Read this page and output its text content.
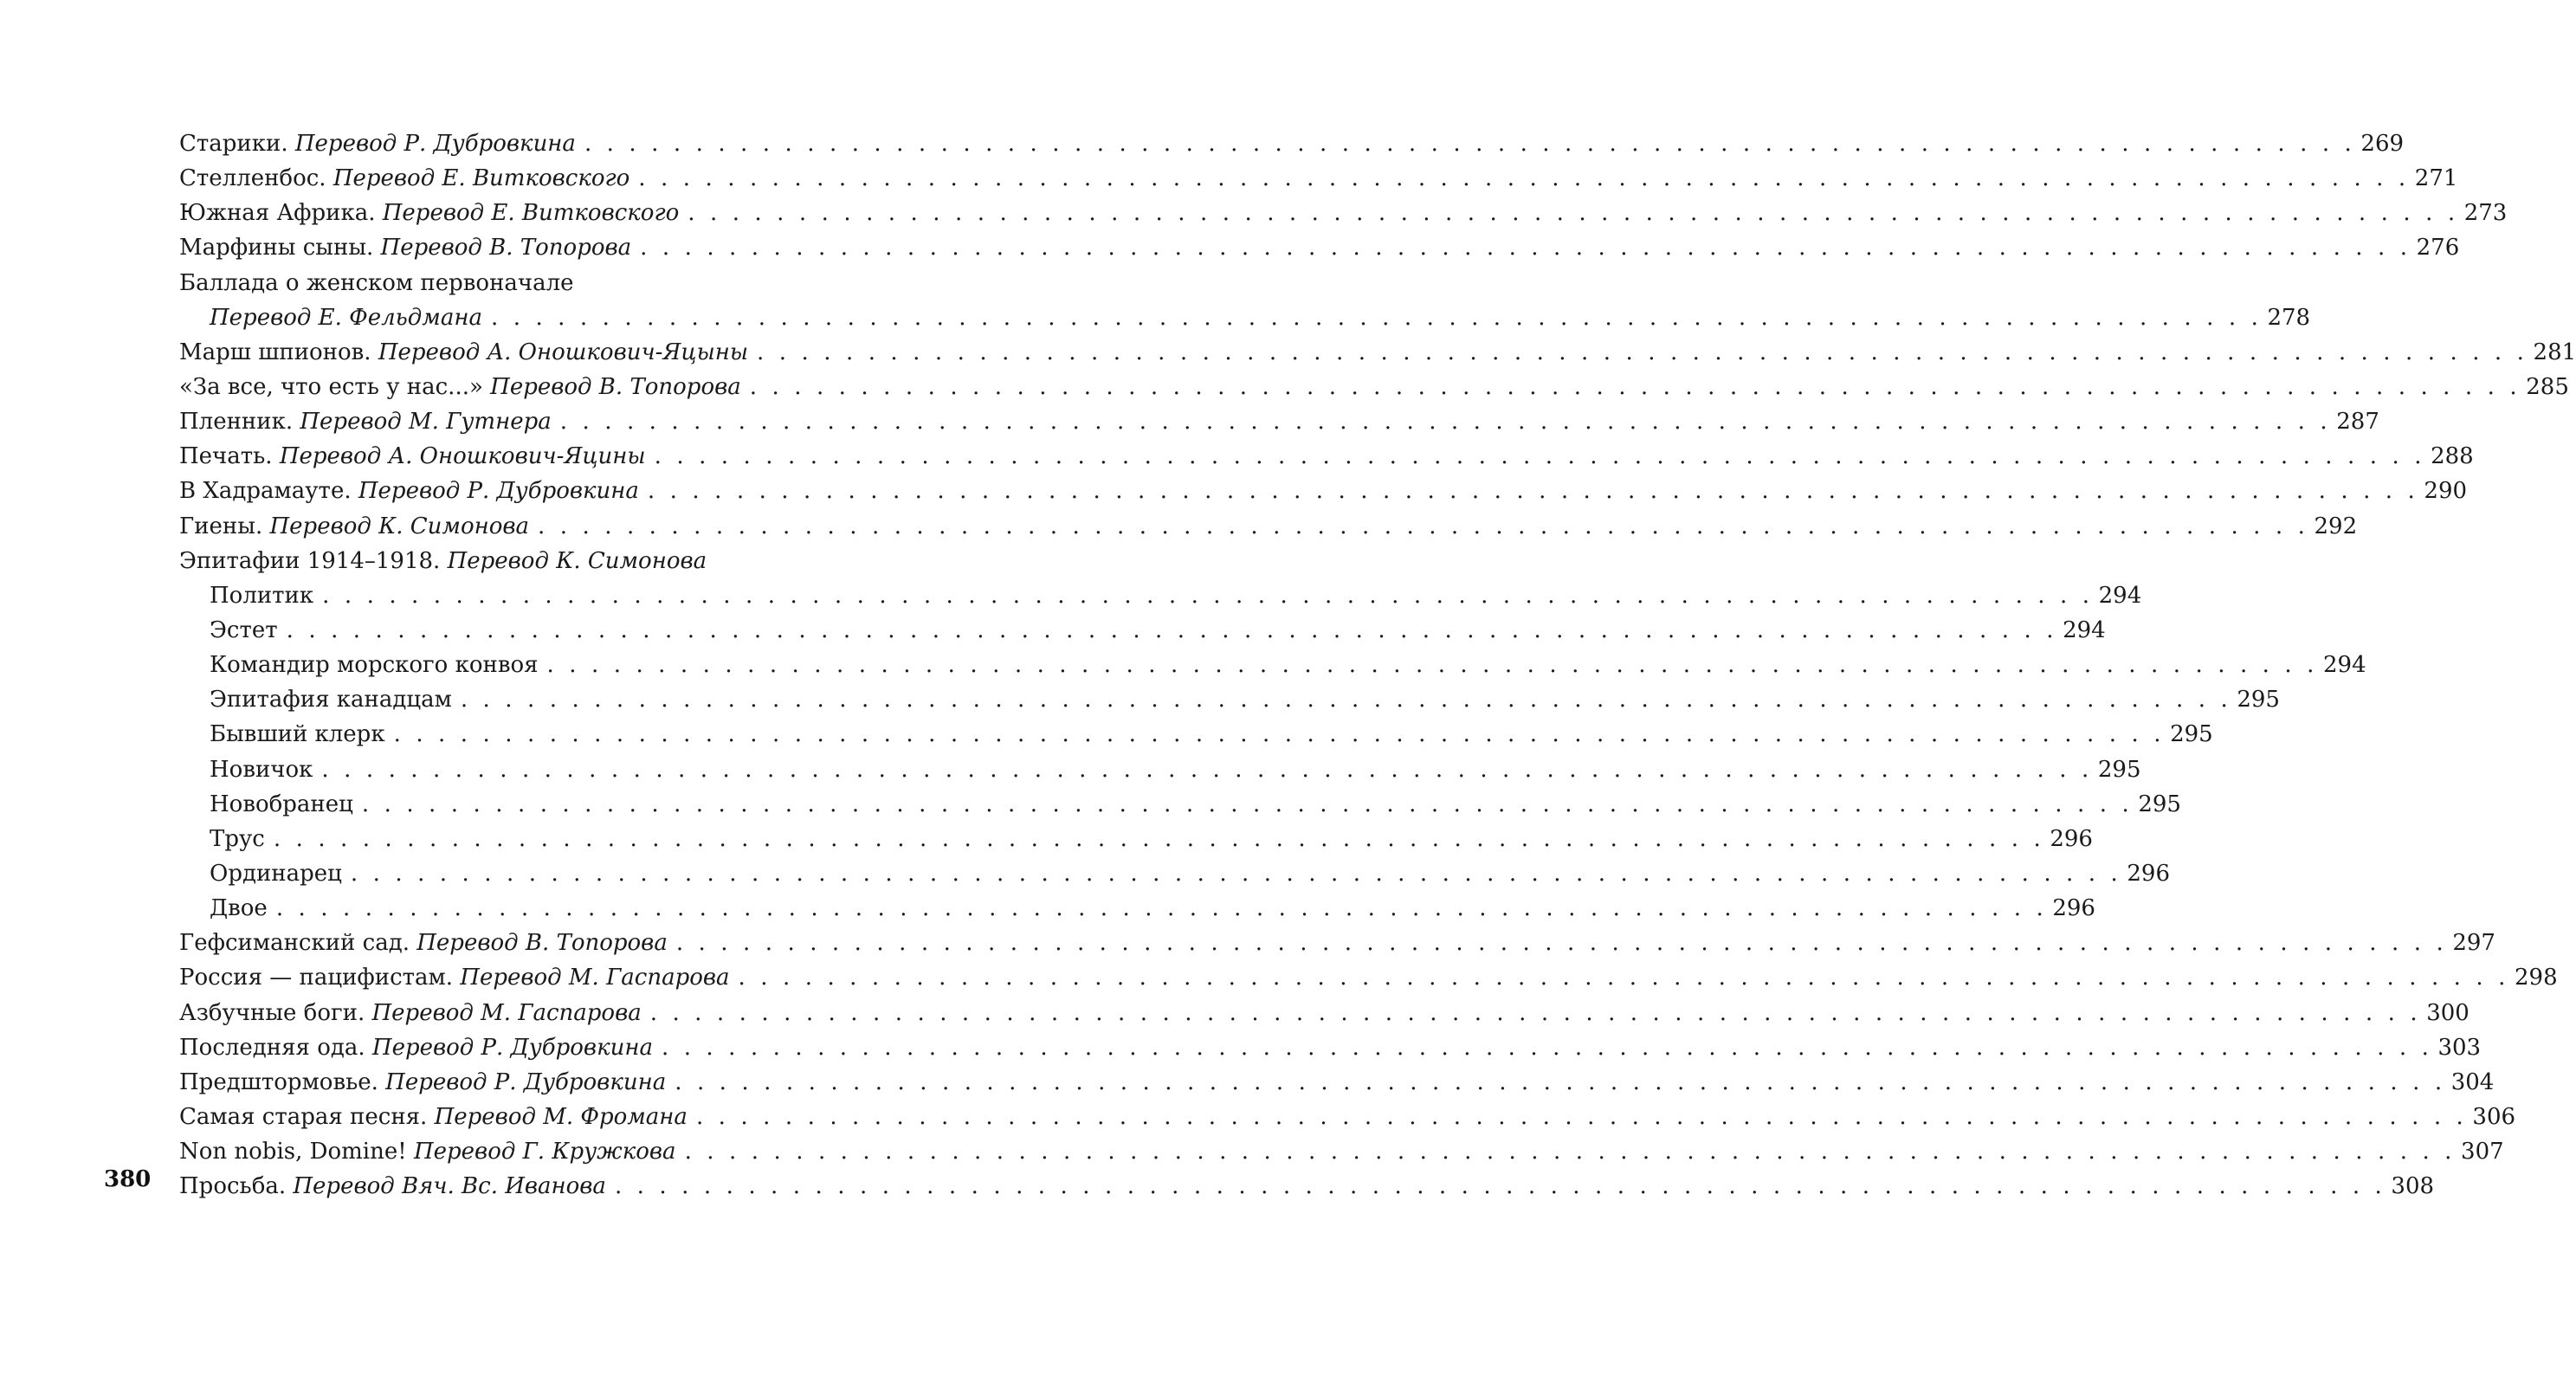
Старики. Перевод Р. Дубровкина . . . . . . . . . . . . . . . . . . . . . . . . . . . . . . . . . . . . . . . . . . . . . . . . . . . . . . . . . . . . . . . . . . . . . . . . . . . . . . . . 269
Стелленбос. Перевод Е. Витковского . . . . . . . . . . . . . . . . . . . . . . . . . . . . . . . . . . . . . . . . . . . . . . . . . . . . . . . . . . . . . . . . . . . . . . . . . . . . . . . . 271
Южная Африка. Перевод Е. Витковского . . . . . . . . . . . . . . . . . . . . . . . . . . . . . . . . . . . . . . . . . . . . . . . . . . . . . . . . . . . . . . . . . . . . . . . . . . . . . . . . 273
Марфины сыны. Перевод В. Топорова . . . . . . . . . . . . . . . . . . . . . . . . . . . . . . . . . . . . . . . . . . . . . . . . . . . . . . . . . . . . . . . . . . . . . . . . . . . . . . . . 276
Баллада о женском первоначале
Перевод Е. Фельдмана . . . . . . . . . . . . . . . . . . . . . . . . . . . . . . . . . . . . . . . . . . . . . . . . . . . . . . . . . . . . . . . . . . . . . . . . . . . . . . . . 278
Марш шпионов. Перевод А. Оношкович-Яцыны . . . . . . . . . . . . . . . . . . . . . . . . . . . . . . . . . . . . . . . . . . . . . . . . . . . . . . . . . . . . . . . . . . . . . . . . . . . . . . . . 281
«За все, что есть у нас...» Перевод В. Топорова . . . . . . . . . . . . . . . . . . . . . . . . . . . . . . . . . . . . . . . . . . . . . . . . . . . . . . . . . . . . . . . . . . . . . . . . . . . . . . . . 285
Пленник. Перевод М. Гутнера . . . . . . . . . . . . . . . . . . . . . . . . . . . . . . . . . . . . . . . . . . . . . . . . . . . . . . . . . . . . . . . . . . . . . . . . . . . . . . . . 287
Печать. Перевод А. Оношкович-Яцины . . . . . . . . . . . . . . . . . . . . . . . . . . . . . . . . . . . . . . . . . . . . . . . . . . . . . . . . . . . . . . . . . . . . . . . . . . . . . . . . 288
В Хадрамауте. Перевод Р. Дубровкина . . . . . . . . . . . . . . . . . . . . . . . . . . . . . . . . . . . . . . . . . . . . . . . . . . . . . . . . . . . . . . . . . . . . . . . . . . . . . . . . 290
Гиены. Перевод К. Симонова . . . . . . . . . . . . . . . . . . . . . . . . . . . . . . . . . . . . . . . . . . . . . . . . . . . . . . . . . . . . . . . . . . . . . . . . . . . . . . . . 292
Эпитафии 1914–1918. Перевод К. Симонова
Политик . . . . . . . . . . . . . . . . . . . . . . . . . . . . . . . . . . . . . . . . . . . . . . . . . . . . . . . . . . . . . . . . . . . . . . . . . . . . . . . . 294
Эстет . . . . . . . . . . . . . . . . . . . . . . . . . . . . . . . . . . . . . . . . . . . . . . . . . . . . . . . . . . . . . . . . . . . . . . . . . . . . . . . . 294
Командир морского конвоя . . . . . . . . . . . . . . . . . . . . . . . . . . . . . . . . . . . . . . . . . . . . . . . . . . . . . . . . . . . . . . . . . . . . . . . . . . . . . . . . 294
Эпитафия канадцам . . . . . . . . . . . . . . . . . . . . . . . . . . . . . . . . . . . . . . . . . . . . . . . . . . . . . . . . . . . . . . . . . . . . . . . . . . . . . . . . 295
Бывший клерк . . . . . . . . . . . . . . . . . . . . . . . . . . . . . . . . . . . . . . . . . . . . . . . . . . . . . . . . . . . . . . . . . . . . . . . . . . . . . . . . 295
Новичок . . . . . . . . . . . . . . . . . . . . . . . . . . . . . . . . . . . . . . . . . . . . . . . . . . . . . . . . . . . . . . . . . . . . . . . . . . . . . . . . 295
Новобранец . . . . . . . . . . . . . . . . . . . . . . . . . . . . . . . . . . . . . . . . . . . . . . . . . . . . . . . . . . . . . . . . . . . . . . . . . . . . . . . . 295
Трус . . . . . . . . . . . . . . . . . . . . . . . . . . . . . . . . . . . . . . . . . . . . . . . . . . . . . . . . . . . . . . . . . . . . . . . . . . . . . . . . 296
Ординарец . . . . . . . . . . . . . . . . . . . . . . . . . . . . . . . . . . . . . . . . . . . . . . . . . . . . . . . . . . . . . . . . . . . . . . . . . . . . . . . . 296
Двое . . . . . . . . . . . . . . . . . . . . . . . . . . . . . . . . . . . . . . . . . . . . . . . . . . . . . . . . . . . . . . . . . . . . . . . . . . . . . . . . 296
Гефсиманский сад. Перевод В. Топорова . . . . . . . . . . . . . . . . . . . . . . . . . . . . . . . . . . . . . . . . . . . . . . . . . . . . . . . . . . . . . . . . . . . . . . . . . . . . . . . . 297
Россия — пацифистам. Перевод М. Гаспарова . . . . . . . . . . . . . . . . . . . . . . . . . . . . . . . . . . . . . . . . . . . . . . . . . . . . . . . . . . . . . . . . . . . . . . . . . . . . . . . . 298
Азбучные боги. Перевод М. Гаспарова . . . . . . . . . . . . . . . . . . . . . . . . . . . . . . . . . . . . . . . . . . . . . . . . . . . . . . . . . . . . . . . . . . . . . . . . . . . . . . . . 300
Последняя ода. Перевод Р. Дубровкина . . . . . . . . . . . . . . . . . . . . . . . . . . . . . . . . . . . . . . . . . . . . . . . . . . . . . . . . . . . . . . . . . . . . . . . . . . . . . . . . 303
Предштормовье. Перевод Р. Дубровкина . . . . . . . . . . . . . . . . . . . . . . . . . . . . . . . . . . . . . . . . . . . . . . . . . . . . . . . . . . . . . . . . . . . . . . . . . . . . . . . . 304
Самая старая песня. Перевод М. Фромана . . . . . . . . . . . . . . . . . . . . . . . . . . . . . . . . . . . . . . . . . . . . . . . . . . . . . . . . . . . . . . . . . . . . . . . . . . . . . . . . 306
Non nobis, Domine! Перевод Г. Кружкова . . . . . . . . . . . . . . . . . . . . . . . . . . . . . . . . . . . . . . . . . . . . . . . . . . . . . . . . . . . . . . . . . . . . . . . . . . . . . . . . 307
Просьба. Перевод Вяч. Вс. Иванова . . . . . . . . . . . . . . . . . . . . . . . . . . . . . . . . . . . . . . . . . . . . . . . . . . . . . . . . . . . . . . . . . . . . . . . . . . . . . . . . 308
380
